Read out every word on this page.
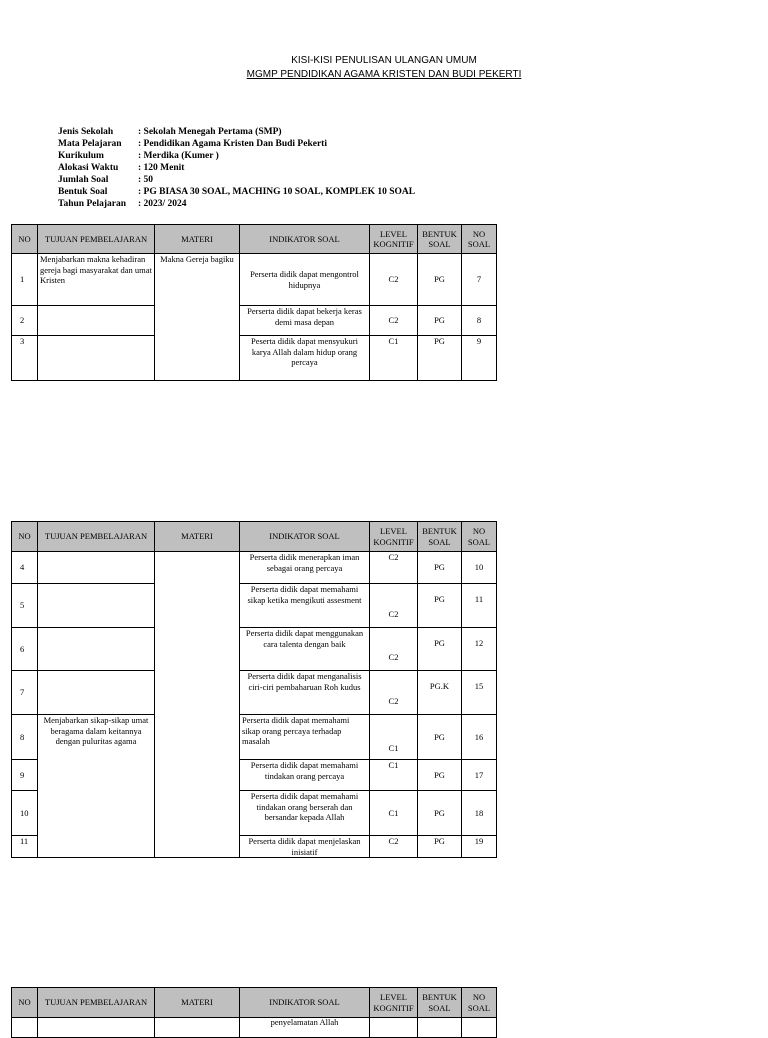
KISI-KISI PENULISAN ULANGAN UMUM
MGMP PENDIDIKAN AGAMA KRISTEN DAN BUDI PEKERTI
Jenis Sekolah	: Sekolah Menegah Pertama (SMP)
Mata Pelajaran	: Pendidikan Agama Kristen Dan Budi Pekerti
Kurikulum	: Merdika (Kumer )
Alokasi Waktu	: 120 Menit
Jumlah Soal	: 50
Bentuk Soal	: PG BIASA 30 SOAL, MACHING 10 SOAL, KOMPLEK 10 SOAL
Tahun Pelajaran	: 2023/ 2024
NO	TUJUAN PEMBELAJARAN	MATERI	INDIKATOR SOAL	LEVEL KOGNITIF	BENTUK SOAL	NO SOAL
1	Menjabarkan makna kehadiran gereja bagi masyarakat dan umat Kristen	Makna Gereja bagiku	Perserta didik dapat mengontrol hidupnya	C2	PG	7
2			Perserta didik dapat bekerja keras demi masa depan	C2	PG	8
3			Peserta didik dapat mensyukuri karya Allah dalam hidup orang percaya	C1	PG	9
NO	TUJUAN PEMBELAJARAN	MATERI	INDIKATOR SOAL	LEVEL KOGNITIF	BENTUK SOAL	NO SOAL
4			Perserta didik menerapkan iman sebagai orang percaya	C2	PG	10
5			Perserta didik dapat memahami sikap ketika mengikuti assesment	C2	PG	11
6			Perserta didik dapat menggunakan cara talenta dengan baik	C2	PG	12
7			Perserta didik dapat menganalisis ciri-ciri pembaharuan Roh kudus	C2	PG.K	15
8	Menjabarkan sikap-sikap umat beragama dalam keitannya dengan puluritas agama		Perserta didik dapat memahami sikap orang percaya terhadap masalah	C1	PG	16
9			Perserta didik dapat memahami tindakan orang percaya	C1	PG	17
10			Perserta didik dapat memahami tindakan orang berserah dan bersandar kepada Allah	C1	PG	18
11			Perserta didik dapat menjelaskan inisiatif	C2	PG	19
NO	TUJUAN PEMBELAJARAN	MATERI	INDIKATOR SOAL	LEVEL KOGNITIF	BENTUK SOAL	NO SOAL
			penyelamatan Allah			
